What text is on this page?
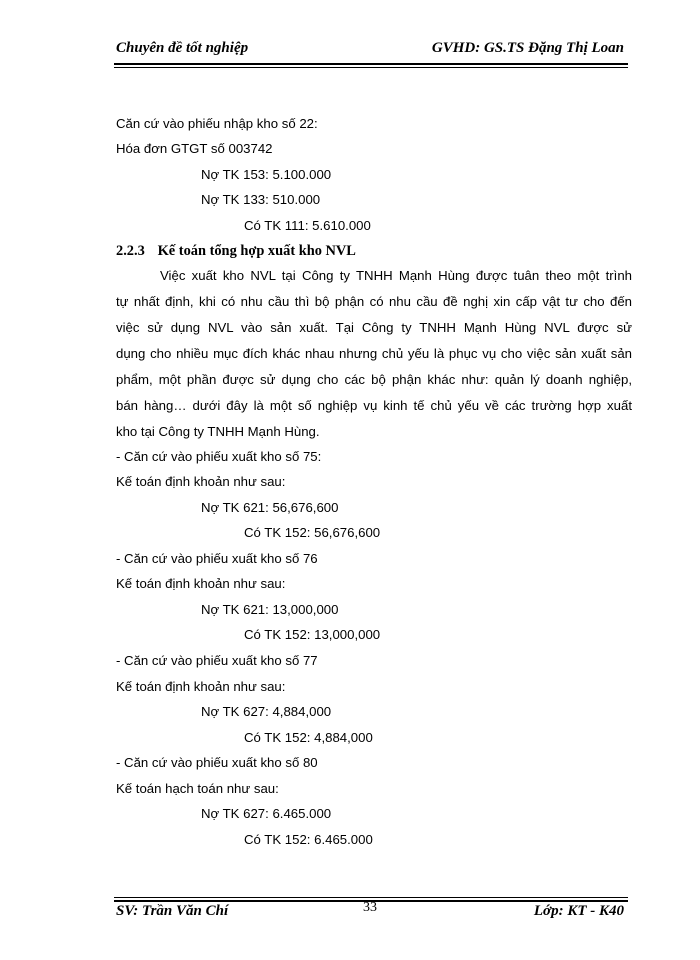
Chuyên đề tốt nghiệp	GVHD: GS.TS Đặng Thị Loan
Căn cứ vào phiếu nhập kho số 22:
Hóa đơn GTGT số 003742
Nợ TK 153: 5.100.000
Nợ TK 133: 510.000
Có TK 111: 5.610.000
2.2.3 Kế toán tổng hợp xuất kho NVL
Việc xuất kho NVL tại Công ty TNHH Mạnh Hùng được tuân theo một trình
tự nhất định, khi có nhu cầu thì bộ phận có nhu cầu đề nghị xin cấp vật tư cho đến
việc sử dụng NVL vào sản xuất. Tại Công ty TNHH Mạnh Hùng NVL được sử
dụng cho nhiều mục đích khác nhau nhưng chủ yếu là phục vụ cho việc sản xuất sản
phẩm, một phần được sử dụng cho các bộ phận khác như: quản lý doanh nghiệp,
bán hàng… dưới đây là một số nghiệp vụ kinh tế chủ yếu về các trường hợp xuất
kho tại Công ty TNHH Mạnh Hùng.
- Căn cứ vào phiếu xuất kho số 75:
Kế toán định khoản như sau:
Nợ TK 621: 56,676,600
Có TK 152: 56,676,600
- Căn cứ vào phiếu xuất kho số 76
Kế toán định khoản như sau:
Nợ TK 621: 13,000,000
Có TK 152: 13,000,000
- Căn cứ vào phiếu xuất kho số 77
Kế toán định khoản như sau:
Nợ TK 627: 4,884,000
Có TK 152: 4,884,000
- Căn cứ vào phiếu xuất kho số 80
Kế toán hạch toán như sau:
Nợ TK 627: 6.465.000
Có TK 152: 6.465.000
SV: Trần Văn Chí	33	Lớp: KT - K40
